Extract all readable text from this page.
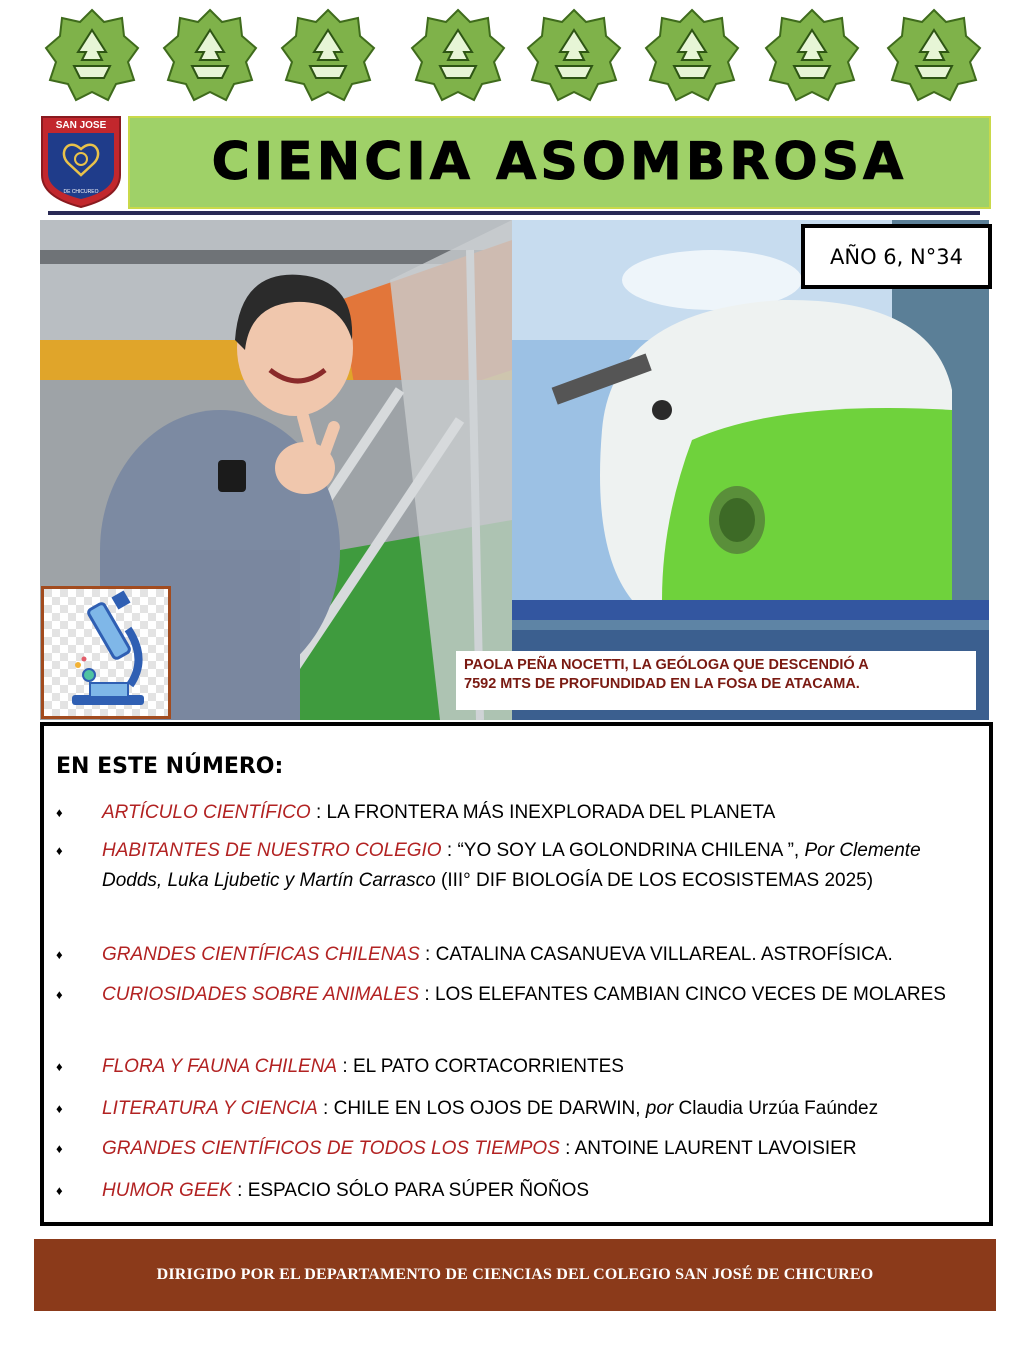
SAN JOSE
DE CHICUREO	CIENCIA ASOMBROSA
AÑO 6, N°34
PAOLA PEÑA NOCETTI, LA GEÓLOGA QUE DESCENDIÓ A
7592 MTS DE PROFUNDIDAD EN LA FOSA DE ATACAMA.
EN ESTE NÚMERO:
♦ ARTÍCULO CIENTÍFICO : LA FRONTERA MÁS INEXPLORADA DEL PLANETA
♦ HABITANTES DE NUESTRO COLEGIO : “YO SOY LA GOLONDRINA CHILENA ”, Por Clemente Dodds, Luka Ljubetic y Martín Carrasco (III° DIF BIOLOGÍA DE LOS ECOSISTEMAS 2025)
♦ GRANDES CIENTÍFICAS CHILENAS : CATALINA CASANUEVA VILLAREAL. ASTROFÍSICA.
♦ CURIOSIDADES SOBRE ANIMALES : LOS ELEFANTES CAMBIAN CINCO VECES DE MOLARES
♦ FLORA Y FAUNA CHILENA : EL PATO CORTACORRIENTES
♦ LITERATURA Y CIENCIA : CHILE EN LOS OJOS DE DARWIN, por Claudia Urzúa Faúndez
♦ GRANDES CIENTÍFICOS DE TODOS LOS TIEMPOS : ANTOINE LAURENT LAVOISIER
♦ HUMOR GEEK : ESPACIO SÓLO PARA SÚPER ÑOÑOS
DIRIGIDO POR EL DEPARTAMENTO DE CIENCIAS DEL COLEGIO SAN JOSÉ DE CHICUREO
